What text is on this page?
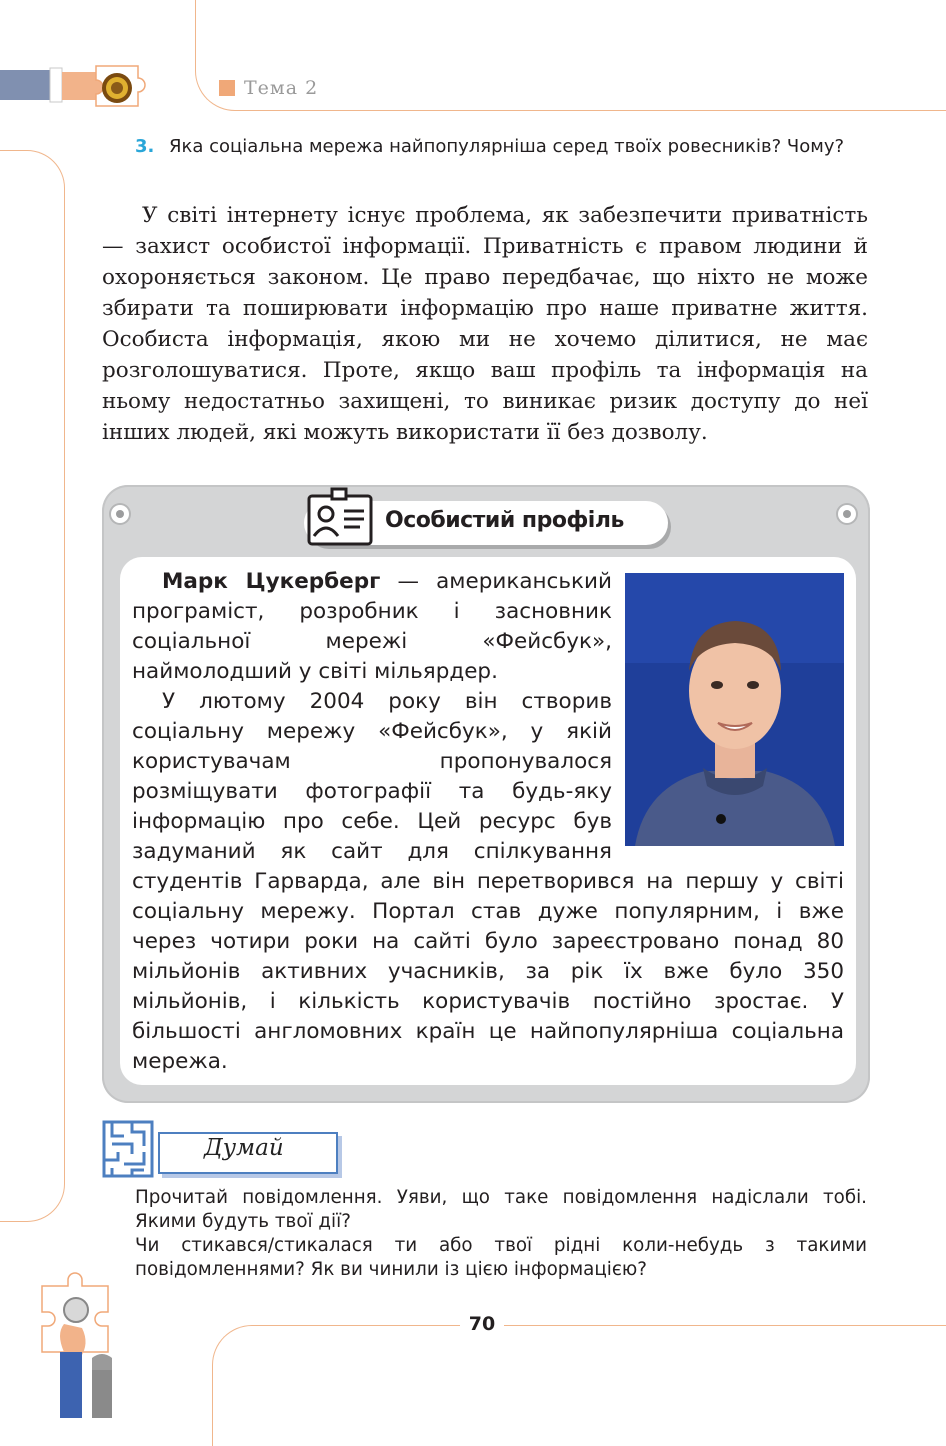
Тема 2
3. Яка соціальна мережа найпопулярніша серед твоїх ровесників? Чому?
У світі інтернету існує проблема, як забезпечити приватність — захист особистої інформації. Приватність є правом людини й охороняється законом. Це право передбачає, що ніхто не може збирати та поширювати інформацію про наше приватне життя. Особиста інформація, якою ми не хочемо ділитися, не має розголошуватися. Проте, якщо ваш профіль та інформація на ньому недостатньо захищені, то виникає ризик доступу до неї інших людей, які можуть використати її без дозволу.
Особистий профіль

Марк Цукерберг — американський програміст, розробник і засновник соціальної мережі «Фейсбук», наймолодший у світі мільярдер.

У лютому 2004 року він створив соціальну мережу «Фейсбук», у якій користувачам пропонувалося розміщувати фотографії та будь-яку інформацію про себе. Цей ресурс був задуманий як сайт для спілкування студентів Гарварда, але він перетворився на першу у світі соціальну мережу. Портал став дуже популярним, і вже через чотири роки на сайті було зареєстровано понад 80 мільйонів активних учасників, за рік їх вже було 350 мільйонів, і кількість користувачів постійно зростає. У більшості англомовних країн це найпопулярніша соціальна мережа.

Думай

Прочитай повідомлення. Уяви, що таке повідомлення надіслали тобі. Якими будуть твої дії?

Чи стикався/стикалася ти або твої рідні коли-небудь з такими повідомленнями? Як ви чинили із цією інформацією?

70
